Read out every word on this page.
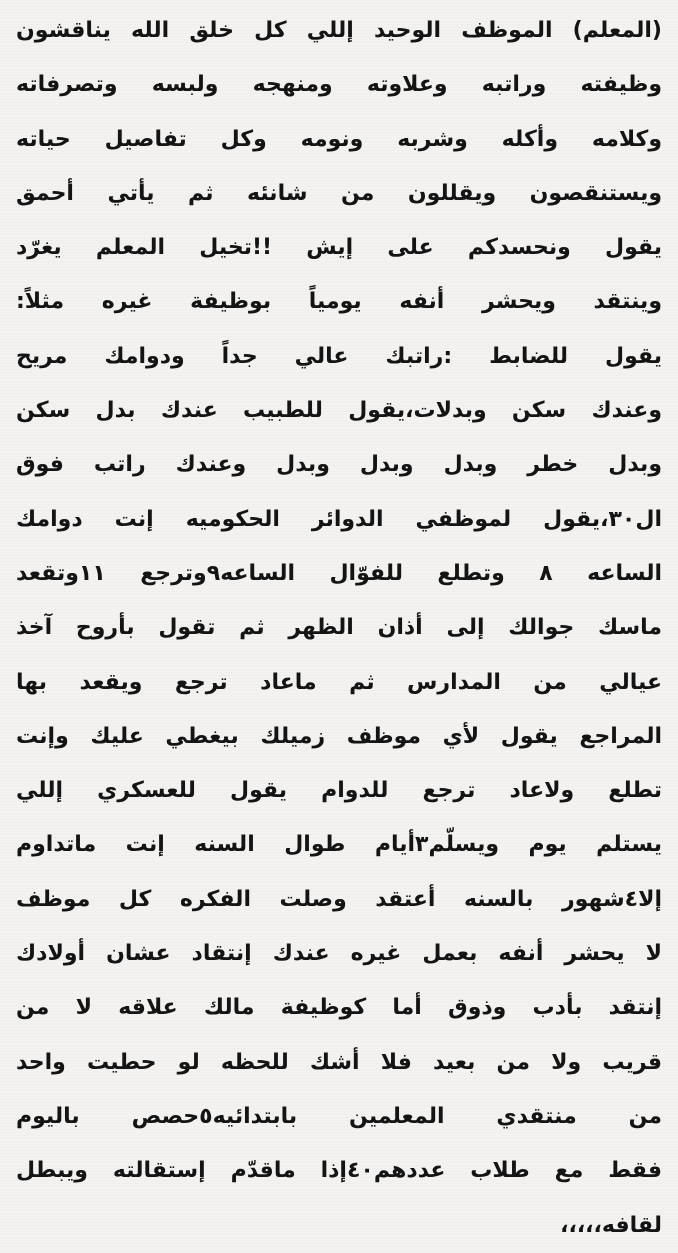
(المعلم) الموظف الوحيد إللي كل خلق الله يناقشون
وظيفته وراتبه وعلاوته ومنهجه ولبسه وتصرفاته
وكلامه وأكله وشربه ونومه وكل تفاصيل حياته
ويستنقصون ويقللون من شانئه ثم يأتي أحمق
يقول ونحسدكم على إيش !!تخيل المعلم يغرّد
وينتقد ويحشر أنفه يومياً بوظيفة غيره مثلاً:
يقول للضابط :راتبك عالي جداً ودوامك مريح
وعندك سكن وبدلات،يقول للطبيب عندك بدل سكن
وبدل خطر وبدل وبدل وبدل وعندك راتب فوق
ال٣٠،يقول لموظفي الدوائر الحكوميه إنت دوامك
الساعه ٨ وتطلع للفوّال الساعه٩وترجع ١١وتقعد
ماسك جوالك إلى أذان الظهر ثم تقول بأروح آخذ
عيالي من المدارس ثم ماعاد ترجع ويقعد بها
المراجع يقول لأي موظف زميلك بيغطي عليك وإنت
تطلع ولاعاد ترجع للدوام يقول للعسكري إللي
يستلم يوم ويسلّم٣أيام طوال السنه إنت ماتداوم
إلا٤شهور بالسنه أعتقد وصلت الفكره كل موظف
لا يحشر أنفه بعمل غيره عندك إنتقاد عشان أولادك
إنتقد بأدب وذوق أما كوظيفة مالك علاقه لا من
قريب ولا من بعيد فلا أشك للحظه لو حطيت واحد
من منتقدي المعلمين بابتدائيه٥حصص باليوم
فقط مع طلاب عددهم٤٠إذا ماقدّم إستقالته ويبطل
لقافه،،،،،
